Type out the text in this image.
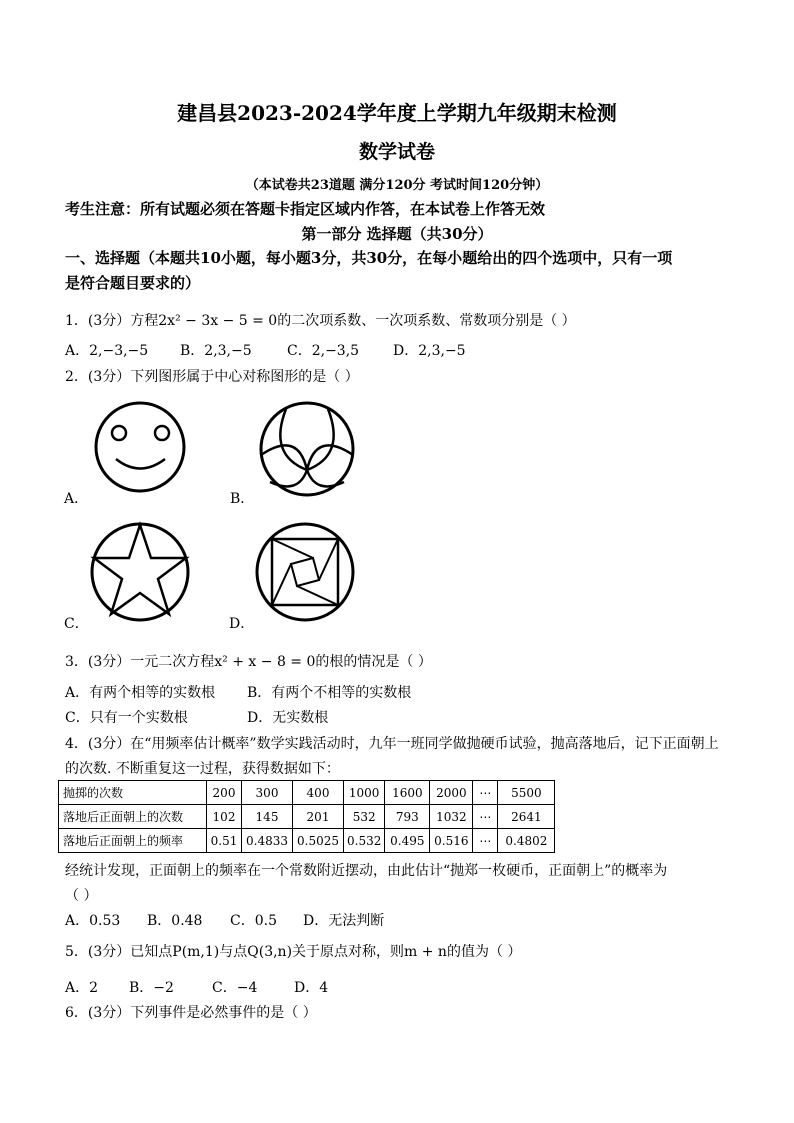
建昌县2023-2024学年度上学期九年级期末检测
数学试卷
（本试卷共23道题 满分120分 考试时间120分钟）
考生注意：所有试题必须在答题卡指定区域内作答，在本试卷上作答无效
第一部分 选择题（共30分）
一、选择题（本题共10小题，每小题3分，共30分，在每小题给出的四个选项中，只有一项
是符合题目要求的）
1．(3分）方程2x² − 3x − 5 = 0的二次项系数、一次项系数、常数项分别是（ ）
A．2,−3,−5 B．2,3,−5	C．2,−3,5 D．2,3,−5
2．(3分）下列图形属于中心对称图形的是（ ）
A．	B．
C．	D．
3．(3分）一元二次方程x² + x − 8 = 0的根的情况是（ ）
A．有两个相等的实数根 B．有两个不相等的实数根
C．只有一个实数根	D．无实数根
4．(3分）在“用频率估计概率”数学实践活动时，九年一班同学做抛硬币试验，抛高落地后，记下正面朝上
的次数. 不断重复这一过程，获得数据如下：
抛掷的次数	200	300	400	1000	1600	2000	⋯	5500
落地后正面朝上的次数	102	145	201	532	793	1032	⋯	2641
落地后正面朝上的频率	0.51	0.4833	0.5025	0.532	0.495	0.516	⋯	0.4802
经统计发现，正面朝上的频率在一个常数附近摆动，由此估计“抛郑一枚硬币，正面朝上”的概率为
（ ）
A．0.53 B．0.48 C．0.5 D．无法判断
5．(3分）已知点P(m,1)与点Q(3,n)关于原点对称，则m + n的值为（ ）
A．2 B．−2	C．−4	D．4
6．(3分）下列事件是必然事件的是（ ）
